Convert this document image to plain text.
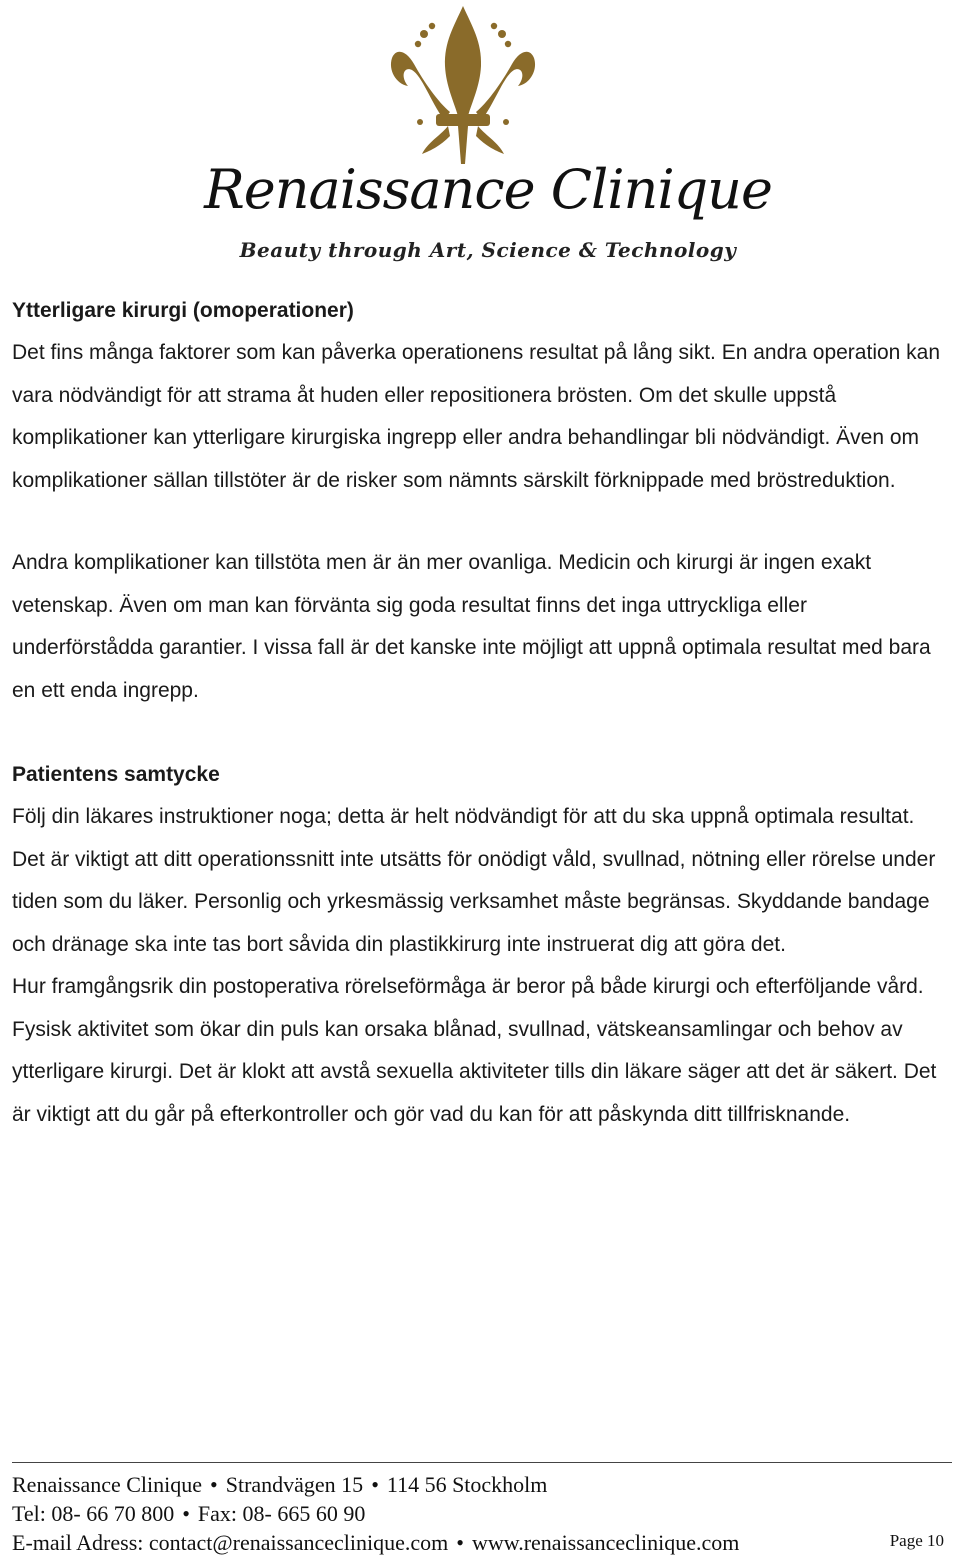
Renaissance Clinique
Beauty through Art, Science & Technology

Ytterligare kirurgi (omoperationer)

Det fins många faktorer som kan påverka operationens resultat på lång sikt. En andra operation kan vara nödvändigt för att strama åt huden eller repositionera brösten. Om det skulle uppstå komplikationer kan ytterligare kirurgiska ingrepp eller andra behandlingar bli nödvändigt. Även om komplikationer sällan tillstöter är de risker som nämnts särskilt förknippade med bröstreduktion.

Andra komplikationer kan tillstöta men är än mer ovanliga. Medicin och kirurgi är ingen exakt vetenskap. Även om man kan förvänta sig goda resultat finns det inga uttryckliga eller underförstådda garantier. I vissa fall är det kanske inte möjligt att uppnå optimala resultat med bara en ett enda ingrepp.

Patientens samtycke

Följ din läkares instruktioner noga; detta är helt nödvändigt för att du ska uppnå optimala resultat. Det är viktigt att ditt operationssnitt inte utsätts för onödigt våld, svullnad, nötning eller rörelse under tiden som du läker. Personlig och yrkesmässig verksamhet måste begränsas. Skyddande bandage och dränage ska inte tas bort såvida din plastikkirurg inte instruerat dig att göra det.

Hur framgångsrik din postoperativa rörelseförmåga är beror på både kirurgi och efterföljande vård. Fysisk aktivitet som ökar din puls kan orsaka blånad, svullnad, vätskeansamlingar och behov av ytterligare kirurgi. Det är klokt att avstå sexuella aktiviteter tills din läkare säger att det är säkert. Det är viktigt att du går på efterkontroller och gör vad du kan för att påskynda ditt tillfrisknande.

Renaissance Clinique • Strandvägen 15 • 114 56 Stockholm
Tel: 08- 66 70 800 • Fax: 08- 665 60 90
E-mail Adress: contact@renaissanceclinique.com • www.renaissanceclinique.com	Page 10
